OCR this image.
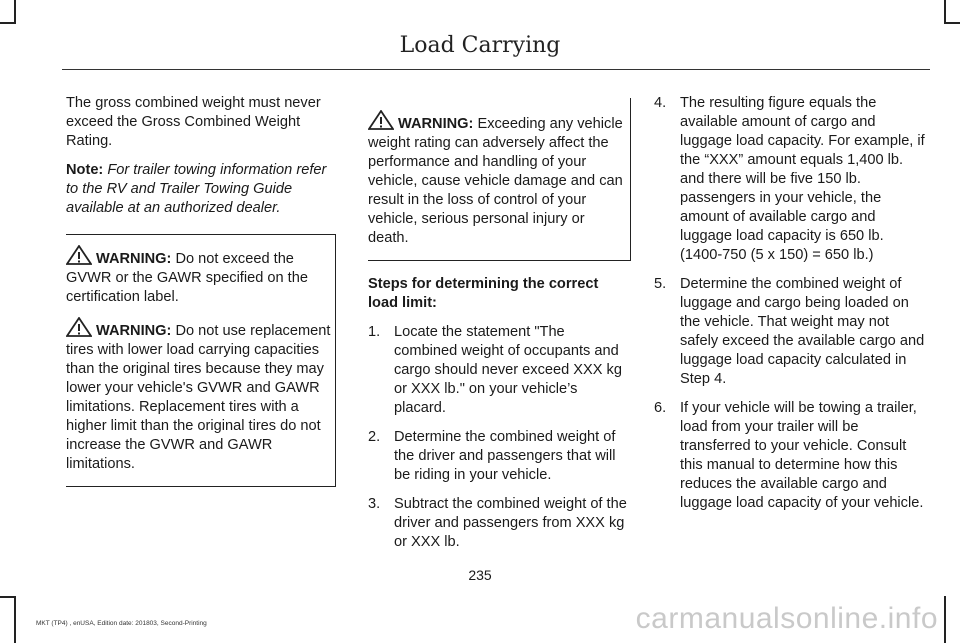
Load Carrying

The gross combined weight must never exceed the Gross Combined Weight Rating.

Note: For trailer towing information refer to the RV and Trailer Towing Guide available at an authorized dealer.

WARNING: Do not exceed the GVWR or the GAWR specified on the certification label.
WARNING: Do not use replacement tires with lower load carrying capacities than the original tires because they may lower your vehicle's GVWR and GAWR limitations. Replacement tires with a higher limit than the original tires do not increase the GVWR and GAWR limitations.
WARNING: Exceeding any vehicle weight rating can adversely affect the performance and handling of your vehicle, cause vehicle damage and can result in the loss of control of your vehicle, serious personal injury or death.

Steps for determining the correct load limit:

1. Locate the statement "The combined weight of occupants and cargo should never exceed XXX kg or XXX lb." on your vehicle’s placard.
2. Determine the combined weight of the driver and passengers that will be riding in your vehicle.
3. Subtract the combined weight of the driver and passengers from XXX kg or XXX lb.
4. The resulting figure equals the available amount of cargo and luggage load capacity. For example, if the “XXX” amount equals 1,400 lb. and there will be five 150 lb. passengers in your vehicle, the amount of available cargo and luggage load capacity is 650 lb. (1400-750 (5 x 150) = 650 lb.)
5. Determine the combined weight of luggage and cargo being loaded on the vehicle. That weight may not safely exceed the available cargo and luggage load capacity calculated in Step 4.
6. If your vehicle will be towing a trailer, load from your trailer will be transferred to your vehicle. Consult this manual to determine how this reduces the available cargo and luggage load capacity of your vehicle.
235
MKT (TP4) , enUSA, Edition date: 201803, Second-Printing	carmanualsonline.info
